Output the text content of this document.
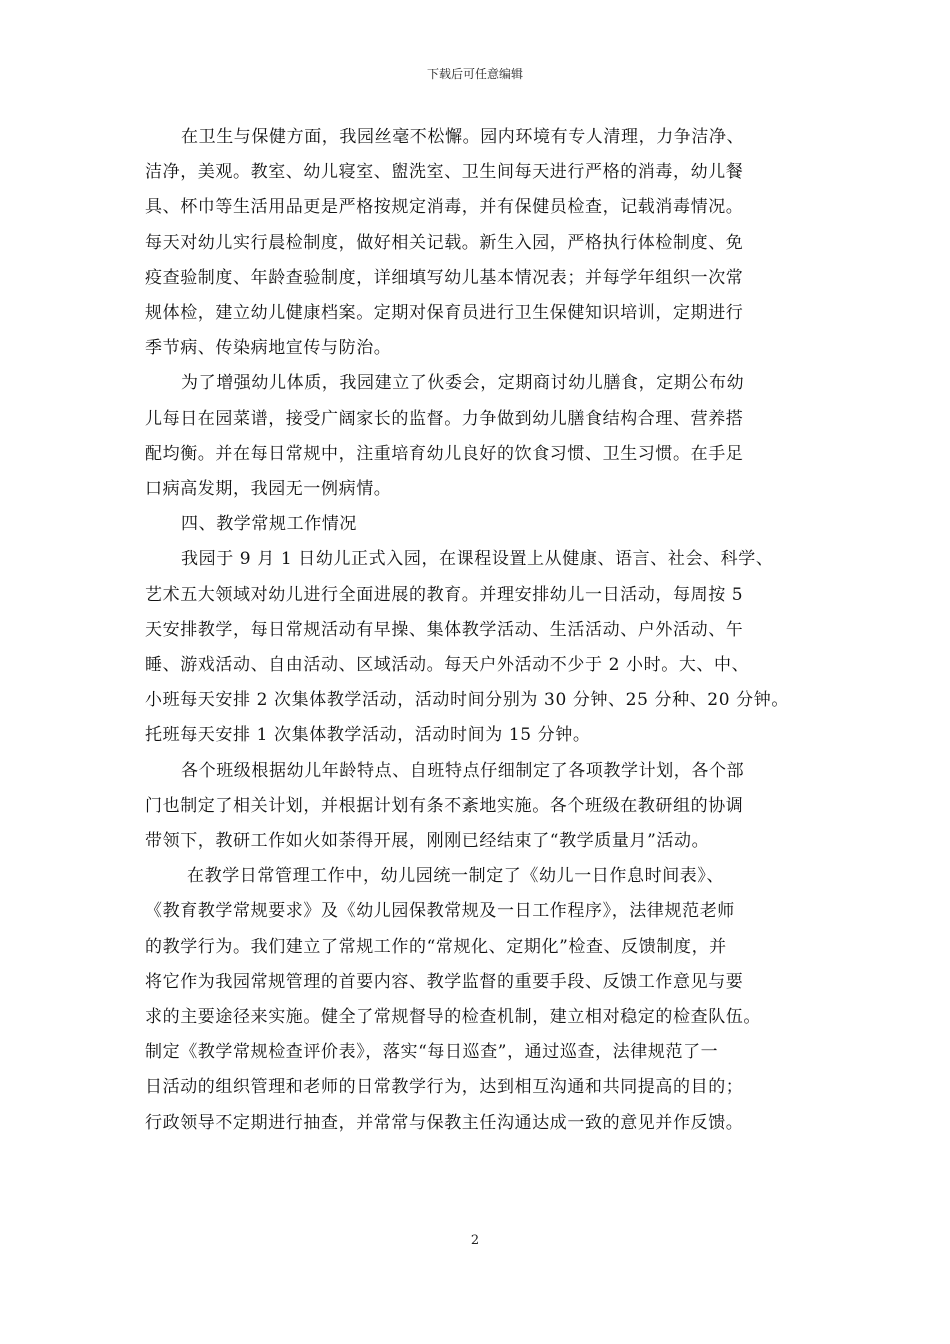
下载后可任意编辑
在卫生与保健方面，我园丝毫不松懈。园内环境有专人清理，力争洁净、
洁净，美观。教室、幼儿寝室、盥洗室、卫生间每天进行严格的消毒，幼儿餐
具、杯巾等生活用品更是严格按规定消毒，并有保健员检查，记载消毒情况。
每天对幼儿实行晨检制度，做好相关记载。新生入园，严格执行体检制度、免
疫查验制度、年龄查验制度，详细填写幼儿基本情况表；并每学年组织一次常
规体检，建立幼儿健康档案。定期对保育员进行卫生保健知识培训，定期进行
季节病、传染病地宣传与防治。
为了增强幼儿体质，我园建立了伙委会，定期商讨幼儿膳食，定期公布幼
儿每日在园菜谱，接受广阔家长的监督。力争做到幼儿膳食结构合理、营养搭
配均衡。并在每日常规中，注重培育幼儿良好的饮食习惯、卫生习惯。在手足
口病高发期，我园无一例病情。
四、教学常规工作情况
我园于 9 月 1 日幼儿正式入园，在课程设置上从健康、语言、社会、科学、
艺术五大领域对幼儿进行全面进展的教育。并理安排幼儿一日活动，每周按 5
天安排教学，每日常规活动有早操、集体教学活动、生活活动、户外活动、午
睡、游戏活动、自由活动、区域活动。每天户外活动不少于 2 小时。大、中、
小班每天安排 2 次集体教学活动，活动时间分别为 30 分钟、25 分种、20 分钟。
托班每天安排 1 次集体教学活动，活动时间为 15 分钟。
各个班级根据幼儿年龄特点、自班特点仔细制定了各项教学计划，各个部
门也制定了相关计划，并根据计划有条不紊地实施。各个班级在教研组的协调
带领下，教研工作如火如荼得开展，刚刚已经结束了“教学质量月”活动。
在教学日常管理工作中，幼儿园统一制定了《幼儿一日作息时间表》、
《教育教学常规要求》及《幼儿园保教常规及一日工作程序》，法律规范老师
的教学行为。我们建立了常规工作的“常规化、定期化”检查、反馈制度，并
将它作为我园常规管理的首要内容、教学监督的重要手段、反馈工作意见与要
求的主要途径来实施。健全了常规督导的检查机制，建立相对稳定的检查队伍。
制定《教学常规检查评价表》，落实“每日巡查”，通过巡查，法律规范了一
日活动的组织管理和老师的日常教学行为，达到相互沟通和共同提高的目的；
行政领导不定期进行抽查，并常常与保教主任沟通达成一致的意见并作反馈。
2
